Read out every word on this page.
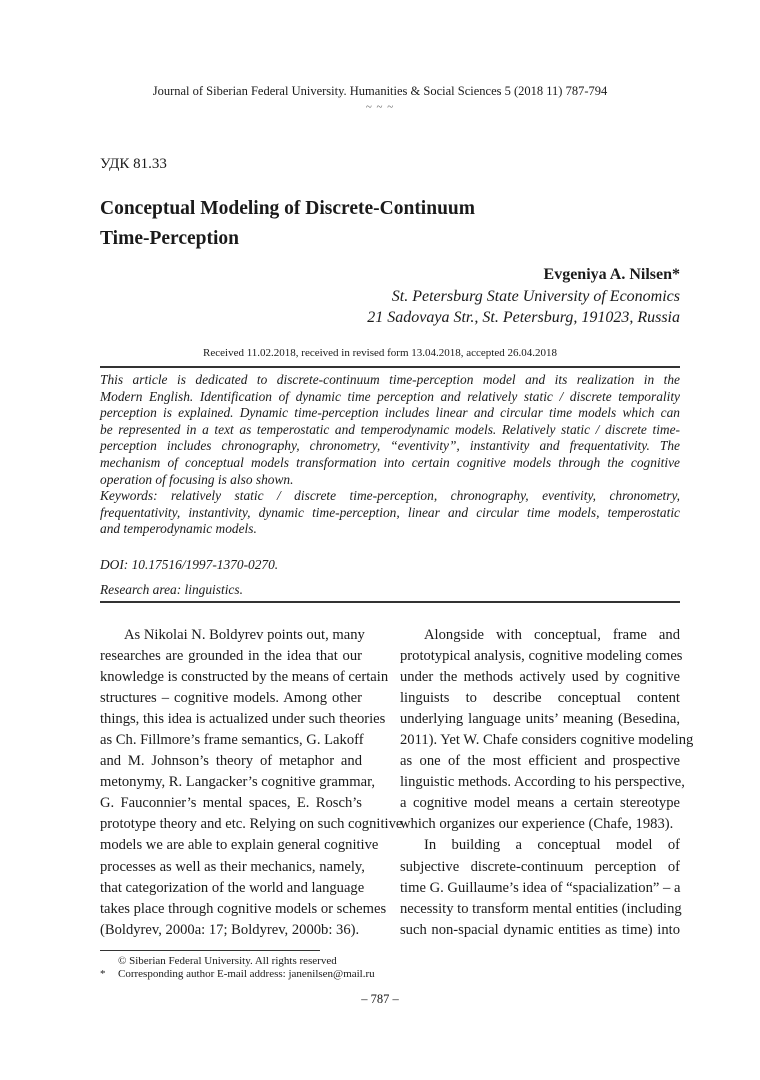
Journal of Siberian Federal University. Humanities & Social Sciences 5 (2018 11) 787-794
~ ~ ~
УДК 81.33
Conceptual Modeling of Discrete-Continuum
Time-Perception
Evgeniya A. Nilsen*
St. Petersburg State University of Economics
21 Sadovaya Str., St. Petersburg, 191023, Russia
Received 11.02.2018, received in revised form 13.04.2018, accepted 26.04.2018
This article is dedicated to discrete-continuum time-perception model and its realization in the
Modern English. Identification of dynamic time perception and relatively static / discrete temporality
perception is explained. Dynamic time-perception includes linear and circular time models which can
be represented in a text as temperostatic and temperodynamic models. Relatively static / discrete time-
perception includes chronography, chronometry, “eventivity”, instantivity and frequentativity. The
mechanism of conceptual models transformation into certain cognitive models through the cognitive
operation of focusing is also shown.
Keywords: relatively static / discrete time-perception, chronography, eventivity, chronometry,
frequentativity, instantivity, dynamic time-perception, linear and circular time models, temperostatic
and temperodynamic models.
DOI: 10.17516/1997-1370-0270.
Research area: linguistics.
As Nikolai N. Boldyrev points out, many
researches are grounded in the idea that our
knowledge is constructed by the means of certain
structures – cognitive models. Among other
things, this idea is actualized under such theories
as Ch. Fillmore’s frame semantics, G. Lakoff
and M. Johnson’s theory of metaphor and
metonymy, R. Langacker’s cognitive grammar,
G. Fauconnier’s mental spaces, E. Rosch’s
prototype theory and etc. Relying on such cognitive
models we are able to explain general cognitive
processes as well as their mechanics, namely,
that categorization of the world and language
takes place through cognitive models or schemes
(Boldyrev, 2000a: 17; Boldyrev, 2000b: 36).
Alongside with conceptual, frame and
prototypical analysis, cognitive modeling comes
under the methods actively used by cognitive
linguists to describe conceptual content
underlying language units’ meaning (Besedina,
2011). Yet W. Chafe considers cognitive modeling
as one of the most efficient and prospective
linguistic methods. According to his perspective,
a cognitive model means a certain stereotype
which organizes our experience (Chafe, 1983).
In building a conceptual model of
subjective discrete-continuum perception of
time G. Guillaume’s idea of “spacialization” – a
necessity to transform mental entities (including
such non-spacial dynamic entities as time) into
© Siberian Federal University. All rights reserved
* Corresponding author E-mail address: janenilsen@mail.ru
– 787 –
